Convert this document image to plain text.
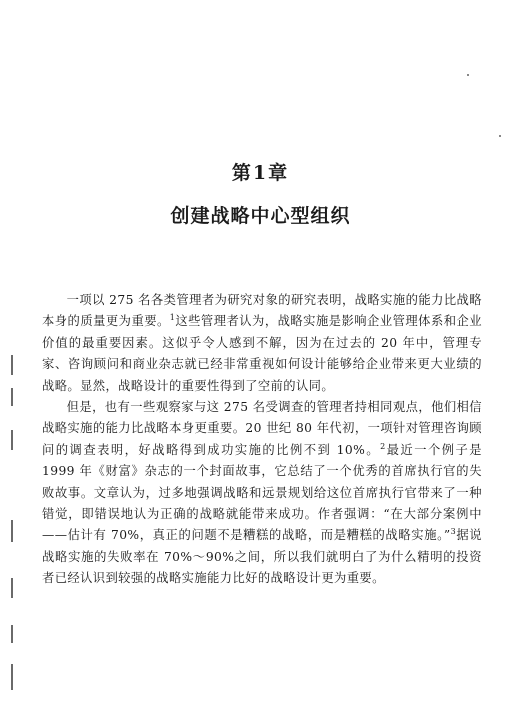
第1章
创建战略中心型组织

一项以 275 名各类管理者为研究对象的研究表明，战略实施的能力比战略本身的质量更为重要。$^1$这些管理者认为，战略实施是影响企业管理体系和企业价值的最重要因素。这似乎令人感到不解，因为在过去的 20 年中，管理专家、咨询顾问和商业杂志就已经非常重视如何设计能够给企业带来更大业绩的战略。显然，战略设计的重要性得到了空前的认同。

但是，也有一些观察家与这 275 名受调查的管理者持相同观点，他们相信战略实施的能力比战略本身更重要。20 世纪 80 年代初，一项针对管理咨询顾问的调查表明，好战略得到成功实施的比例不到 10%。$^2$最近一个例子是 1999 年《财富》杂志的一个封面故事，它总结了一个优秀的首席执行官的失败故事。文章认为，过多地强调战略和远景规划给这位首席执行官带来了一种错觉，即错误地认为正确的战略就能带来成功。作者强调：“在大部分案例中——估计有 70%，真正的问题不是糟糕的战略，而是糟糕的战略实施。”$^3$据说战略实施的失败率在 70%～90%之间，所以我们就明白了为什么精明的投资者已经认识到较强的战略实施能力比好的战略设计更为重要。
